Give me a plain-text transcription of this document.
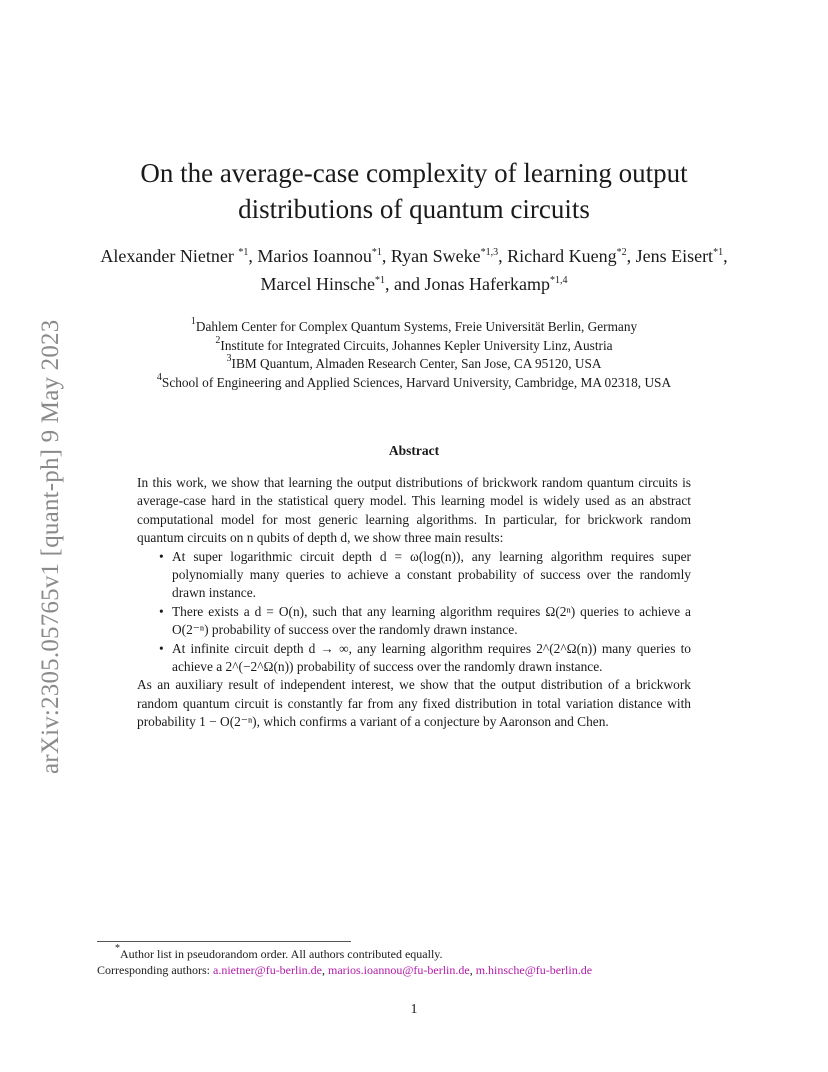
arXiv:2305.05765v1 [quant-ph] 9 May 2023
On the average-case complexity of learning output
distributions of quantum circuits
Alexander Nietner $^{*1}$, Marios Ioannou$^{*1}$, Ryan Sweke$^{*1,3}$, Richard Kueng$^{*2}$, Jens Eisert$^{*1}$, Marcel Hinsche$^{*1}$, and Jonas Haferkamp$^{*1,4}$
$^1$Dahlem Center for Complex Quantum Systems, Freie Universität Berlin, Germany
$^2$Institute for Integrated Circuits, Johannes Kepler University Linz, Austria
$^3$IBM Quantum, Almaden Research Center, San Jose, CA 95120, USA
$^4$School of Engineering and Applied Sciences, Harvard University, Cambridge, MA 02318, USA
Abstract

In this work, we show that learning the output distributions of brickwork random quantum circuits is average-case hard in the statistical query model. This learning model is widely used as an abstract computational model for most generic learning algorithms. In particular, for brickwork random quantum circuits on n qubits of depth d, we show three main results:

• At super logarithmic circuit depth d = ω(log(n)), any learning algorithm requires super polynomially many queries to achieve a constant probability of success over the randomly drawn instance.
• There exists a d = O(n), such that any learning algorithm requires Ω(2ⁿ) queries to achieve a O(2⁻ⁿ) probability of success over the randomly drawn instance.
• At infinite circuit depth d → ∞, any learning algorithm requires 2^(2^Ω(n)) many queries to achieve a 2^(−2^Ω(n)) probability of success over the randomly drawn instance.

As an auxiliary result of independent interest, we show that the output distribution of a brickwork random quantum circuit is constantly far from any fixed distribution in total variation distance with probability 1 − O(2⁻ⁿ), which confirms a variant of a conjecture by Aaronson and Chen.

*Author list in pseudorandom order. All authors contributed equally.
Corresponding authors: a.nietner@fu-berlin.de, marios.ioannou@fu-berlin.de, m.hinsche@fu-berlin.de
1
